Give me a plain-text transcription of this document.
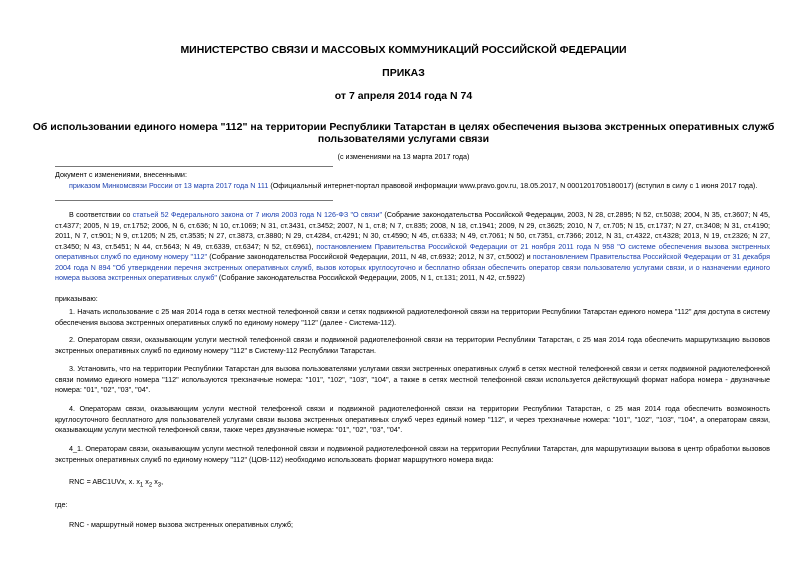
МИНИСТЕРСТВО СВЯЗИ И МАССОВЫХ КОММУНИКАЦИЙ РОССИЙСКОЙ ФЕДЕРАЦИИ
ПРИКАЗ
от 7 апреля 2014 года N 74
Об использовании единого номера "112" на территории Республики Татарстан в целях обеспечения вызова экстренных оперативных служб пользователями услугами связи
(с изменениями на 13 марта 2017 года)
Документ с изменениями, внесенными:
приказом Минкомсвязи России от 13 марта 2017 года N 111 (Официальный интернет-портал правовой информации www.pravo.gov.ru, 18.05.2017, N 0001201705180017) (вступил в силу с 1 июня 2017 года).
В соответствии со статьей 52 Федерального закона от 7 июля 2003 года N 126-ФЗ "О связи" (Собрание законодательства Российской Федерации, 2003, N 28, ст.2895; N 52, ст.5038; 2004, N 35, ст.3607; N 45, ст.4377; 2005, N 19, ст.1752; 2006, N 6, ст.636; N 10, ст.1069; N 31, ст.3431, ст.3452; 2007, N 1, ст.8; N 7, ст.835; 2008, N 18, ст.1941; 2009, N 29, ст.3625; 2010, N 7, ст.705; N 15, ст.1737; N 27, ст.3408; N 31, ст.4190; 2011, N 7, ст.901; N 9, ст.1205; N 25, ст.3535; N 27, ст.3873, ст.3880; N 29, ст.4284, ст.4291; N 30, ст.4590; N 45, ст.6333; N 49, ст.7061; N 50, ст.7351, ст.7366; 2012, N 31, ст.4322, ст.4328; 2013, N 19, ст.2326; N 27, ст.3450; N 43, ст.5451; N 44, ст.5643; N 49, ст.6339, ст.6347; N 52, ст.6961), постановлением Правительства Российской Федерации от 21 ноября 2011 года N 958 "О системе обеспечения вызова экстренных оперативных служб по единому номеру "112" (Собрание законодательства Российской Федерации, 2011, N 48, ст.6932; 2012, N 37, ст.5002) и постановлением Правительства Российской Федерации от 31 декабря 2004 года N 894 "Об утверждении перечня экстренных оперативных служб, вызов которых круглосуточно и бесплатно обязан обеспечить оператор связи пользователю услугами связи, и о назначении единого номера вызова экстренных оперативных служб" (Собрание законодательства Российской Федерации, 2005, N 1, ст.131; 2011, N 42, ст.5922)
приказываю:
1. Начать использование с 25 мая 2014 года в сетях местной телефонной связи и сетях подвижной радиотелефонной связи на территории Республики Татарстан единого номера "112" для доступа в систему обеспечения вызова экстренных оперативных служб по единому номеру "112" (далее - Система-112).
2. Операторам связи, оказывающим услуги местной телефонной связи и подвижной радиотелефонной связи на территории Республики Татарстан, с 25 мая 2014 года обеспечить маршрутизацию вызовов экстренных оперативных служб по единому номеру "112" в Систему-112 Республики Татарстан.
3. Установить, что на территории Республики Татарстан для вызова пользователями услугами связи экстренных оперативных служб в сетях местной телефонной связи и сетях подвижной радиотелефонной связи помимо единого номера "112" используются трехзначные номера: "101", "102", "103", "104", а также в сетях местной телефонной связи используется действующий формат набора номера - двузначные номера: "01", "02", "03", "04".
4. Операторам связи, оказывающим услуги местной телефонной связи и подвижной радиотелефонной связи на территории Республики Татарстан, с 25 мая 2014 года обеспечить возможность круглосуточного бесплатного для пользователей услугами связи вызова экстренных оперативных служб через единый номер "112", и через трехзначные номера: "101", "102", "103", "104", а операторам связи, оказывающим услуги местной телефонной связи, также через двузначные номера: "01", "02", "03", "04".
4_1. Операторам связи, оказывающим услуги местной телефонной связи и подвижной радиотелефонной связи на территории Республики Татарстан, для маршрутизации вызова в центр обработки вызовов экстренных оперативных служб по единому номеру "112" (ЦОВ-112) необходимо использовать формат маршрутного номера вида:
RNC = ABC1UVx, x. $x_1$ $x_2$ $x_3$,
где:
RNC - маршрутный номер вызова экстренных оперативных служб;
